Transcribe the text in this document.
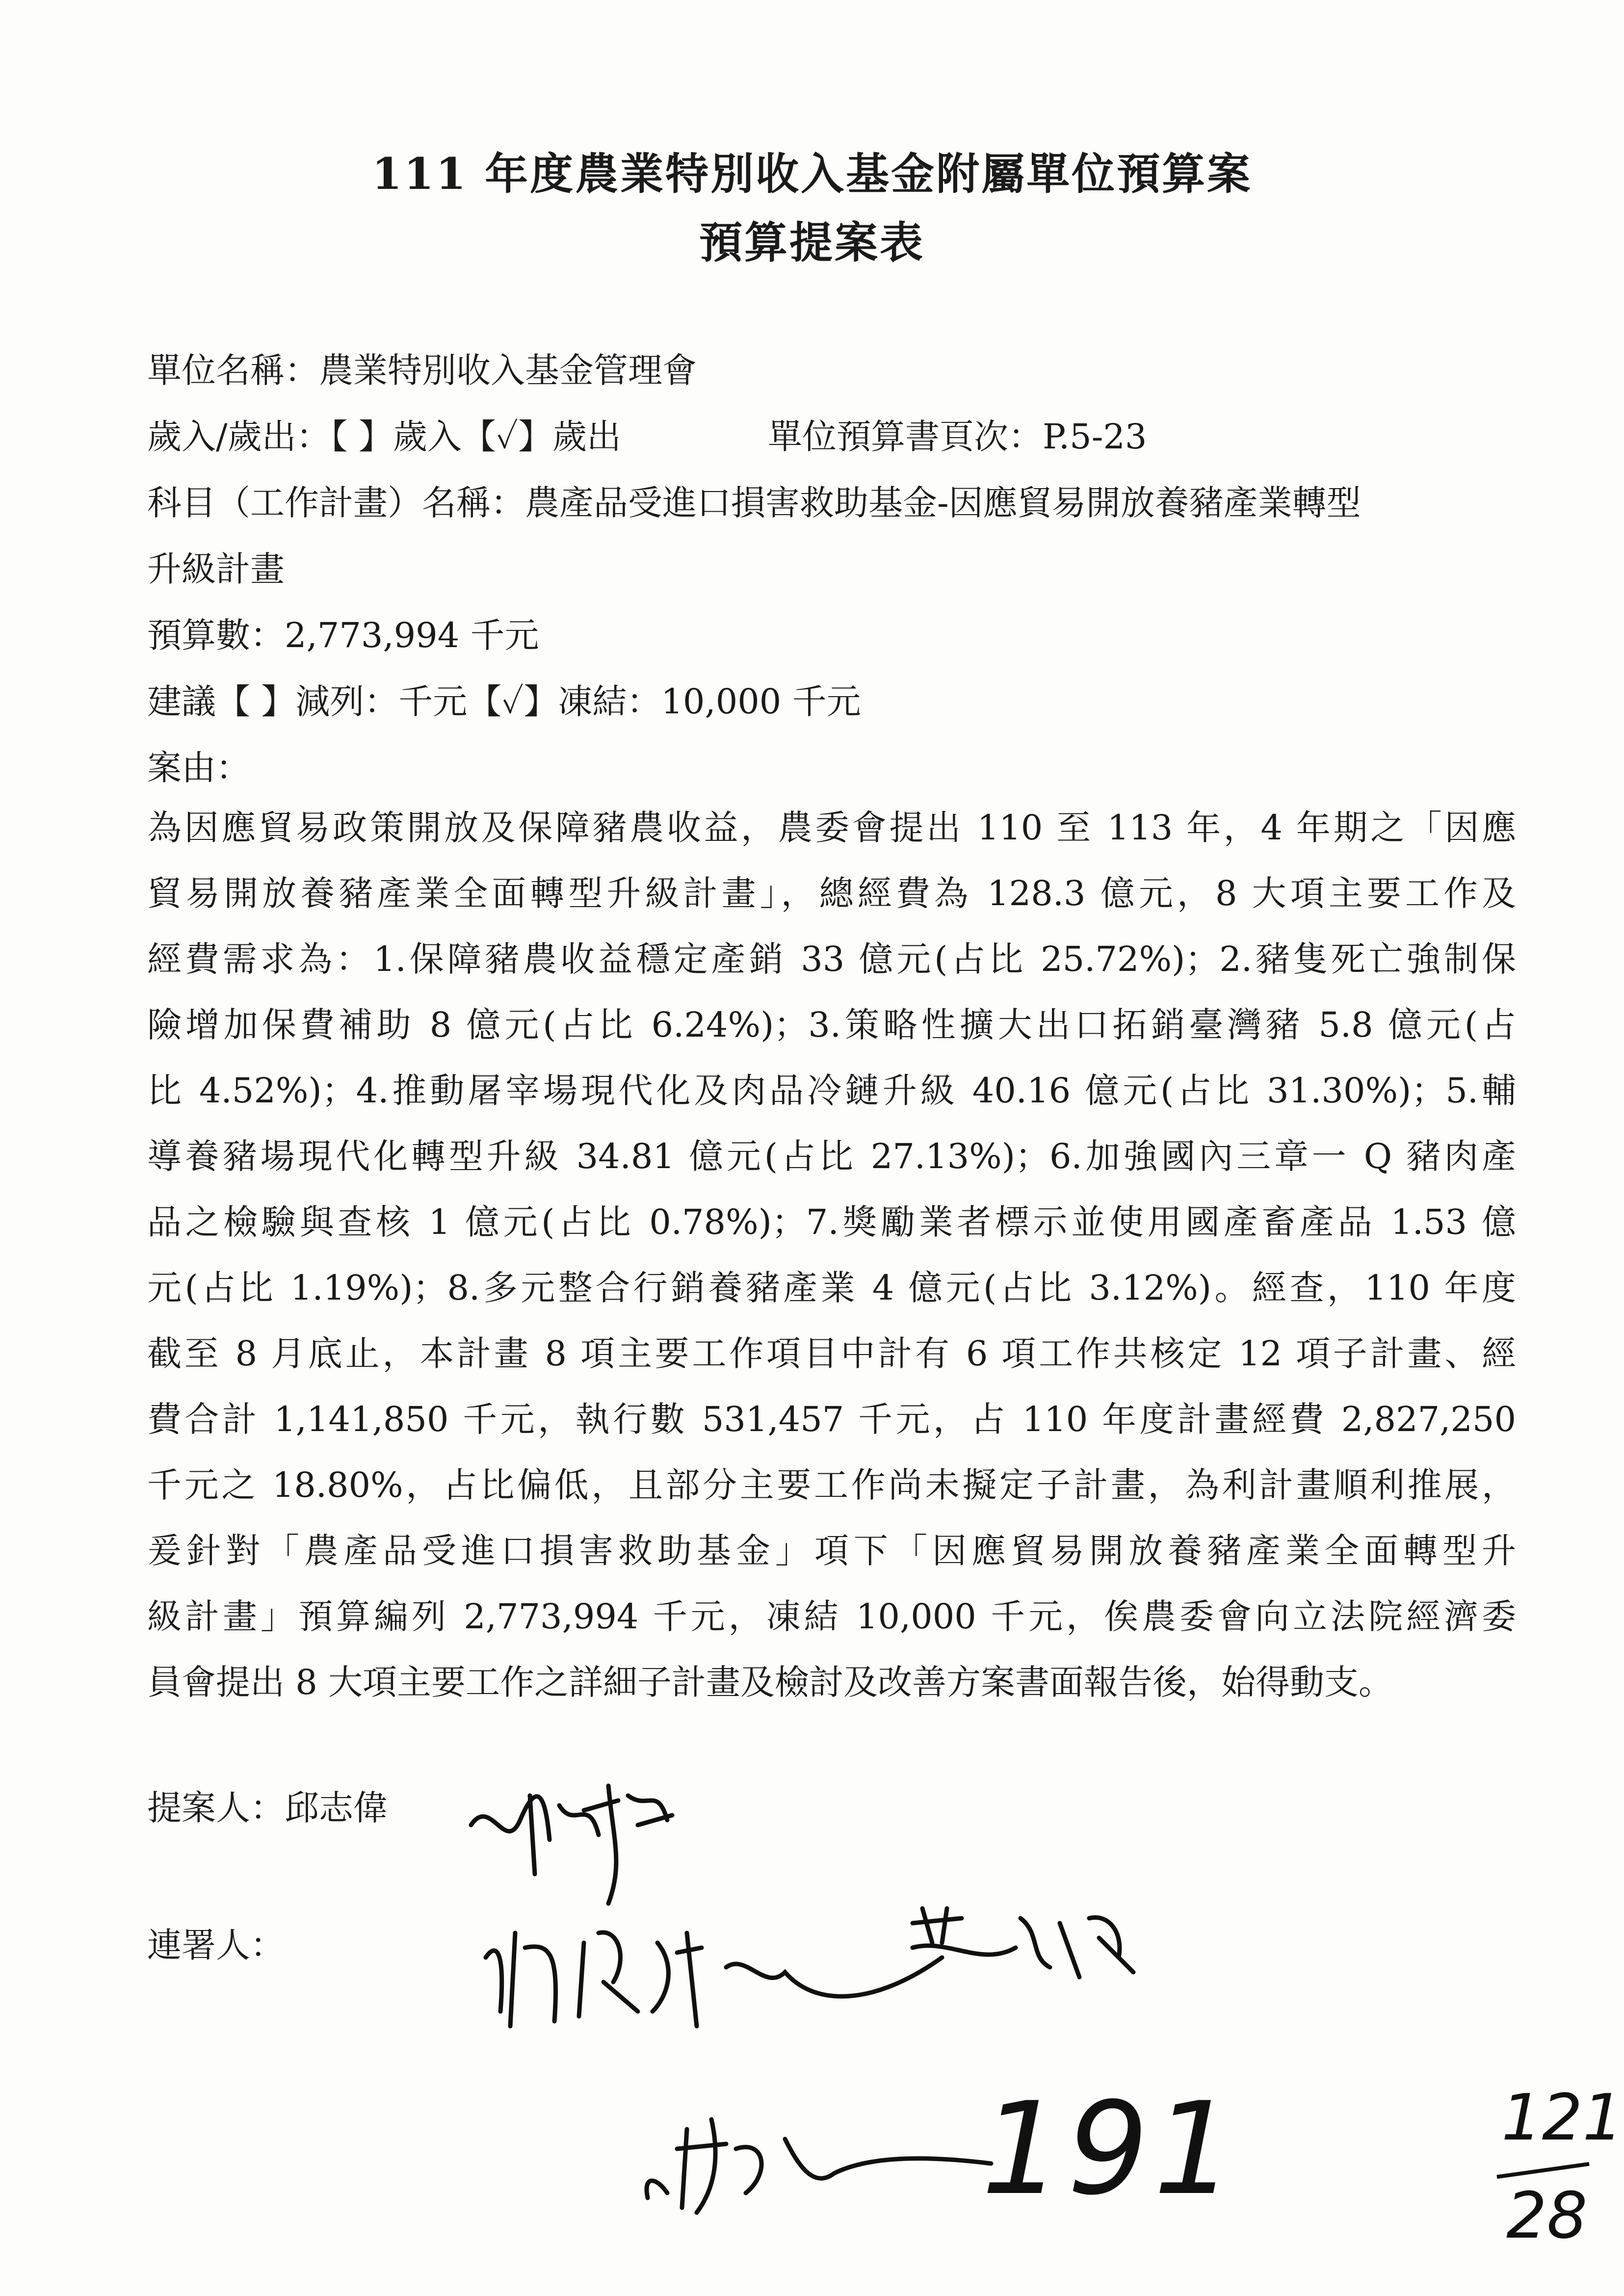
111 年度農業特別收入基金附屬單位預算案
預算提案表
單位名稱：農業特別收入基金管理會
歲入/歲出：【 】歲入【✓】歲出	單位預算書頁次：P.5-23
科目（工作計畫）名稱：農產品受進口損害救助基金-因應貿易開放養豬產業轉型
升級計畫
預算數：2,773,994 千元
建議【 】減列：千元【✓】凍結：10,000 千元
案由：
為因應貿易政策開放及保障豬農收益，農委會提出 110 至 113 年，4 年期之「因應
貿易開放養豬產業全面轉型升級計畫」，總經費為 128.3 億元，8 大項主要工作及
經費需求為：1.保障豬農收益穩定產銷 33 億元(占比 25.72%)；2.豬隻死亡強制保
險增加保費補助 8 億元(占比 6.24%)；3.策略性擴大出口拓銷臺灣豬 5.8 億元(占
比 4.52%)；4.推動屠宰場現代化及肉品冷鏈升級 40.16 億元(占比 31.30%)；5.輔
導養豬場現代化轉型升級 34.81 億元(占比 27.13%)；6.加強國內三章一 Q 豬肉產
品之檢驗與查核 1 億元(占比 0.78%)；7.獎勵業者標示並使用國產畜產品 1.53 億
元(占比 1.19%)；8.多元整合行銷養豬產業 4 億元(占比 3.12%)。經查，110 年度
截至 8 月底止，本計畫 8 項主要工作項目中計有 6 項工作共核定 12 項子計畫、經
費合計 1,141,850 千元，執行數 531,457 千元，占 110 年度計畫經費 2,827,250
千元之 18.80%，占比偏低，且部分主要工作尚未擬定子計畫，為利計畫順利推展，
爰針對「農產品受進口損害救助基金」項下「因應貿易開放養豬產業全面轉型升
級計畫」預算編列 2,773,994 千元，凍結 10,000 千元，俟農委會向立法院經濟委
員會提出 8 大項主要工作之詳細子計畫及檢討及改善方案書面報告後，始得動支。
提案人：邱志偉
連署人：
191	121
28
